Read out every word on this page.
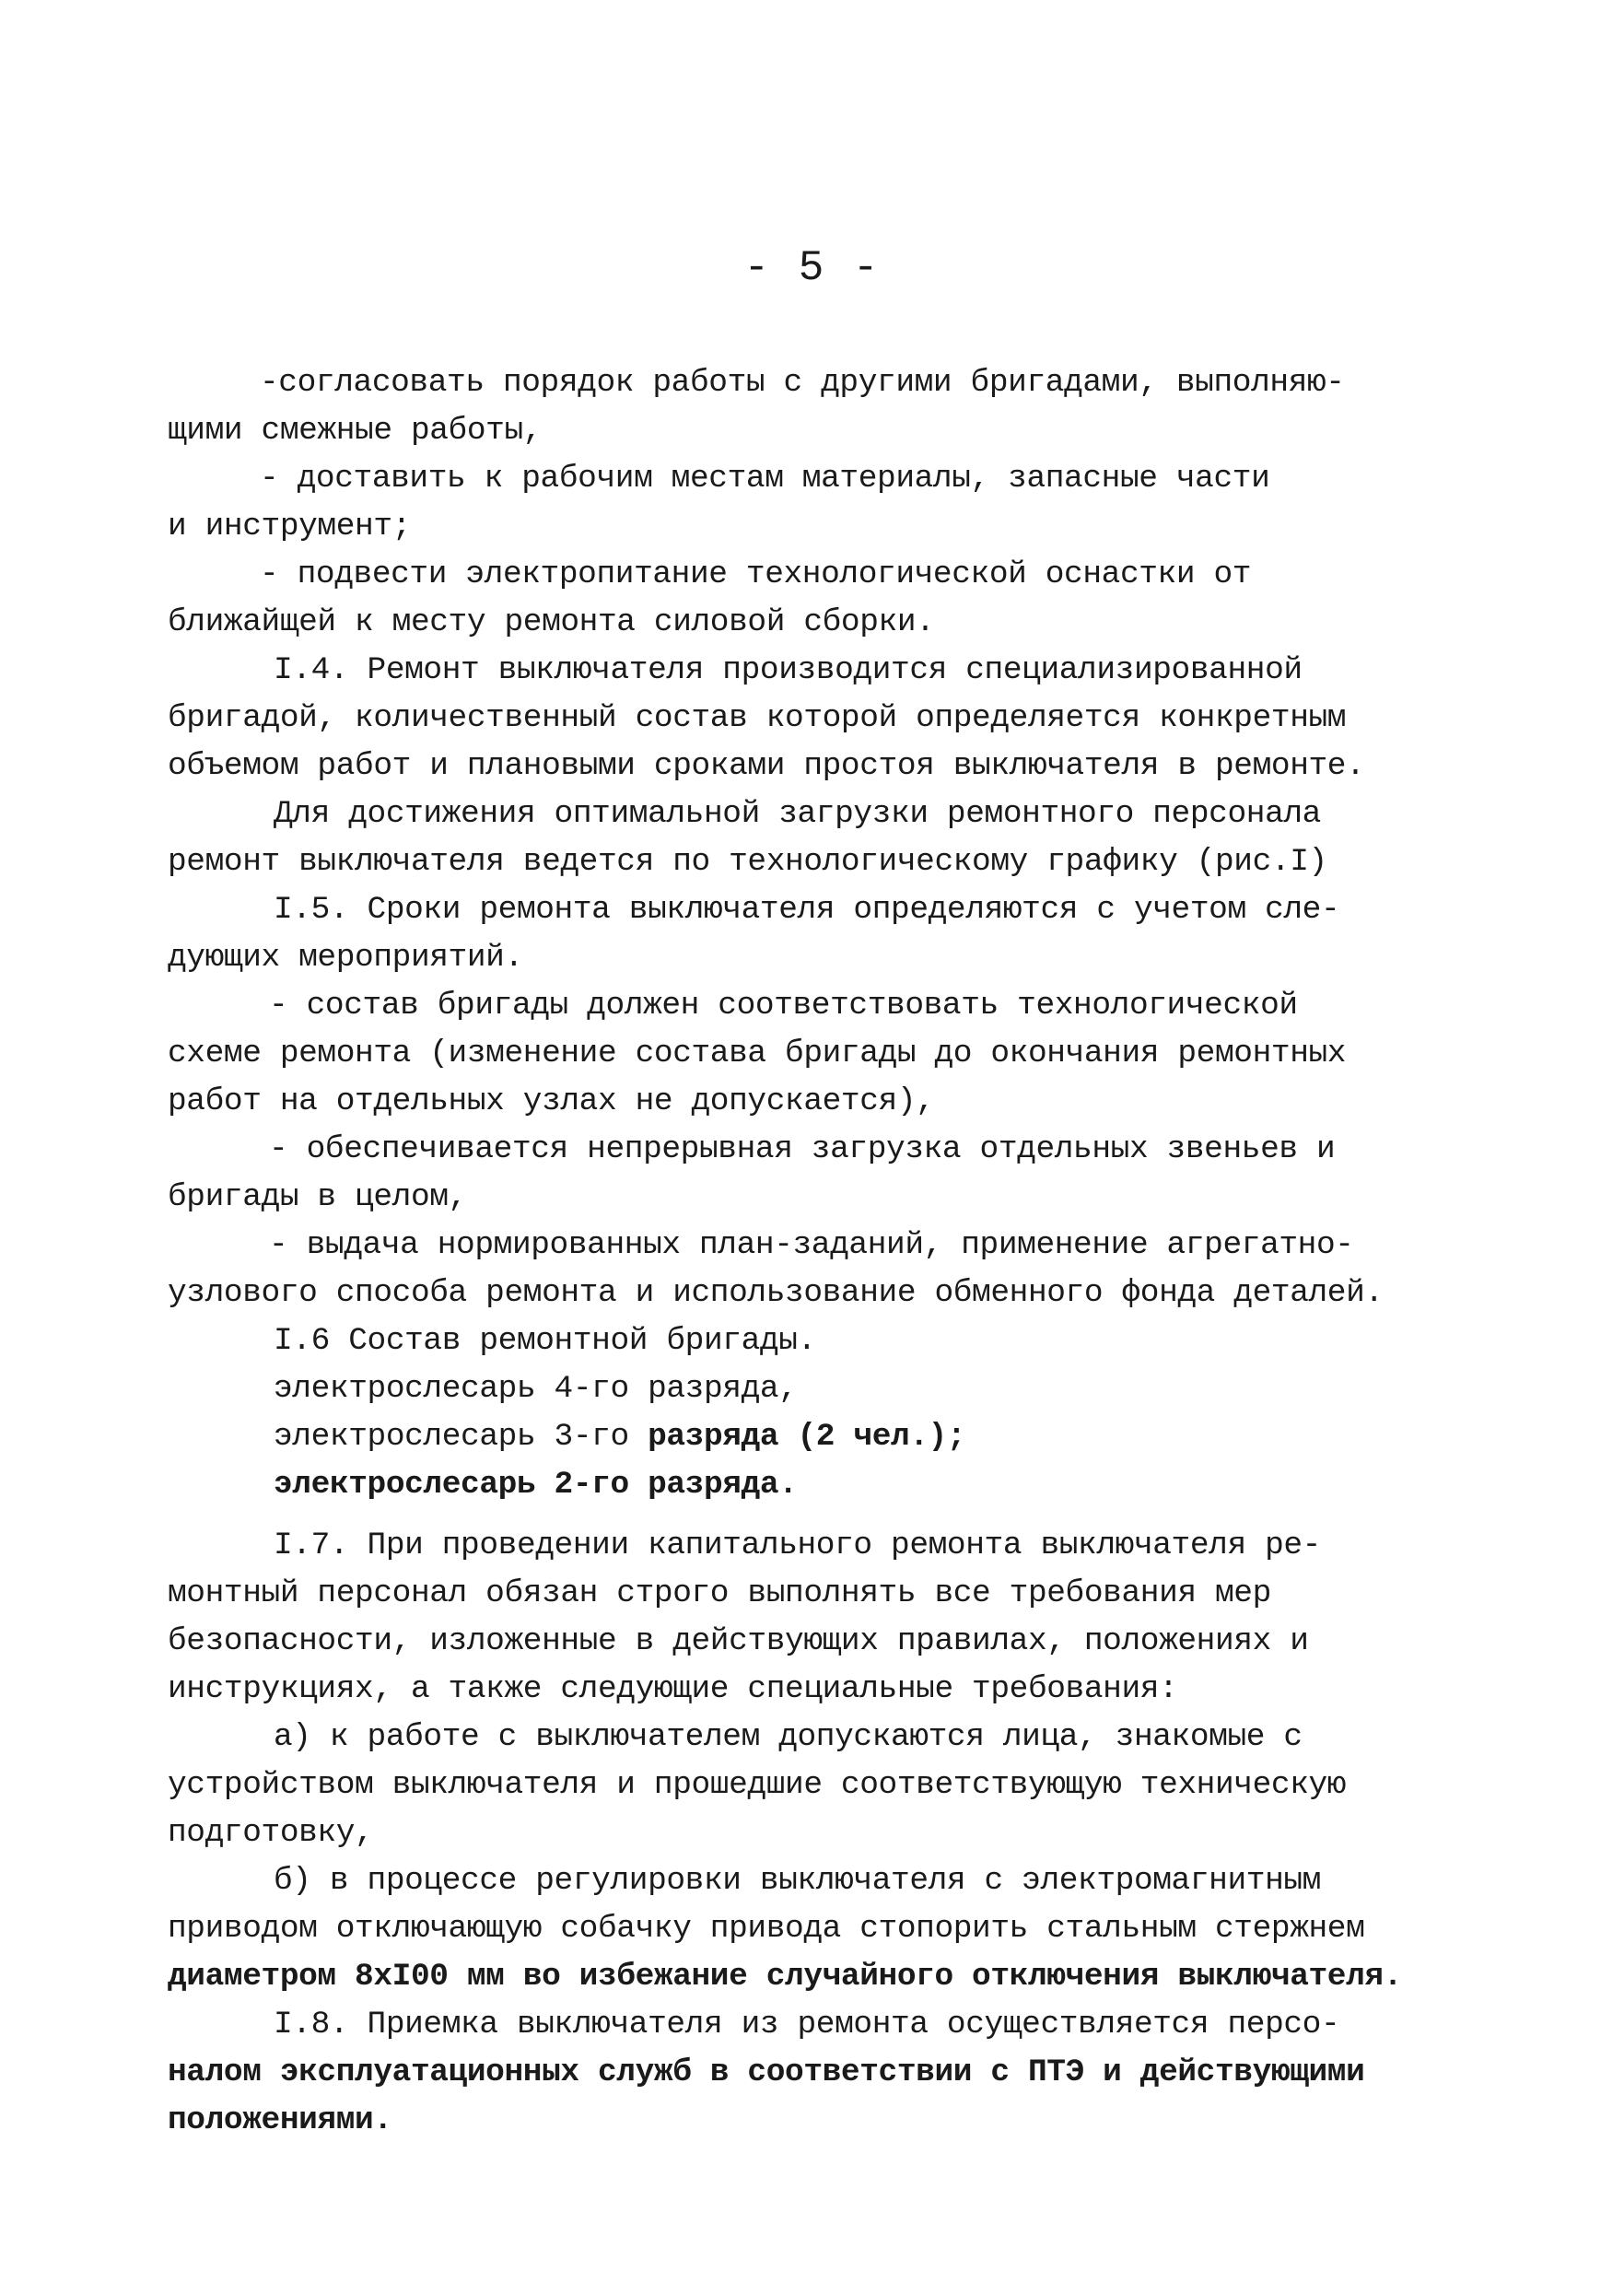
- 5 -
-согласовать порядок работы с другими бригадами, выполняю-
щими смежные работы,
- доставить к рабочим местам материалы, запасные части
и инструмент;
- подвести электропитание технологической оснастки от
ближайщей к месту ремонта силовой сборки.
I.4. Ремонт выключателя производится специализированной
бригадой, количественный состав которой определяется конкретным
объемом работ и плановыми сроками простоя выключателя в ремонте.
Для достижения оптимальной загрузки ремонтного персонала
ремонт выключателя ведется по технологическому графику (рис.I)
I.5. Сроки ремонта выключателя определяются с учетом сле-
дующих мероприятий.
- состав бригады должен соответствовать технологической
схеме ремонта (изменение состава бригады до окончания ремонтных
работ на отдельных узлах не допускается),
- обеспечивается непрерывная загрузка отдельных звеньев и
бригады в целом,
- выдача нормированных план-заданий, применение агрегатно-
узлового способа ремонта и использование обменного фонда деталей.
I.6 Состав ремонтной бригады.
электрослесарь 4-го разряда,
электрослесарь 3-го разряда (2 чел.);
электрослесарь 2-го разряда.
I.7. При проведении капитального ремонта выключателя ре-
монтный персонал обязан строго выполнять все требования мер
безопасности, изложенные в действующих правилах, положениях и
инструкциях, а также следующие специальные требования:
а) к работе с выключателем допускаются лица, знакомые с
устройством выключателя и прошедшие соответствующую техническую
подготовку,
б) в процессе регулировки выключателя с электромагнитным
приводом отключающую собачку привода стопорить стальным стержнем
диаметром 8хI00 мм во избежание случайного отключения выключателя.
I.8. Приемка выключателя из ремонта осуществляется персо-
налом эксплуатационных служб в соответствии с ПТЭ и действующими
положениями.
